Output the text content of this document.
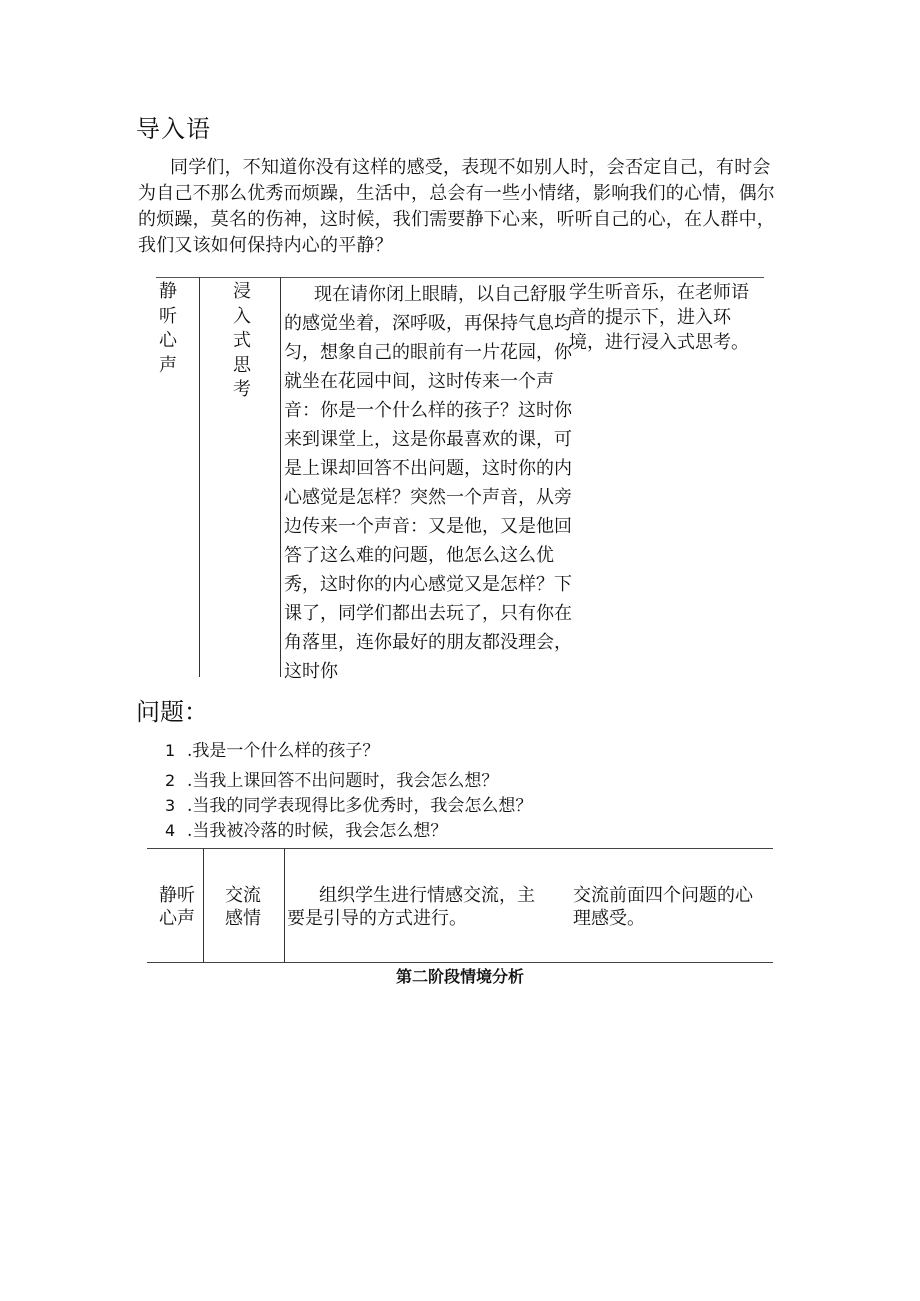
导入语
同学们，不知道你没有这样的感受，表现不如别人时，会否定自己，有时会为自己不那么优秀而烦躁，生活中，总会有一些小情绪，影响我们的心情，偶尔的烦躁，莫名的伤神，这时候，我们需要静下心来，听听自己的心，在人群中，我们又该如何保持内心的平静？
静听心声
浸入式思考
现在请你闭上眼睛，以自己舒服的感觉坐着，深呼吸，再保持气息均匀，想象自己的眼前有一片花园，你就坐在花园中间，这时传来一个声音：你是一个什么样的孩子？这时你来到课堂上，这是你最喜欢的课，可是上课却回答不出问题，这时你的内心感觉是怎样？突然一个声音，从旁边传来一个声音：又是他，又是他回答了这么难的问题，他怎么这么优秀，这时你的内心感觉又是怎样？下课了，同学们都出去玩了，只有你在角落里，连你最好的朋友都没理会，这时你
学生听音乐，在老师语音的提示下，进入环境，进行浸入式思考。
问题：
1 .我是一个什么样的孩子？
2 .当我上课回答不出问题时，我会怎么想？
3 .当我的同学表现得比多优秀时，我会怎么想？
4 .当我被冷落的时候，我会怎么想？
静听心声
交流感情
组织学生进行情感交流，主要是引导的方式进行。
交流前面四个问题的心理感受。
第二阶段情境分析
